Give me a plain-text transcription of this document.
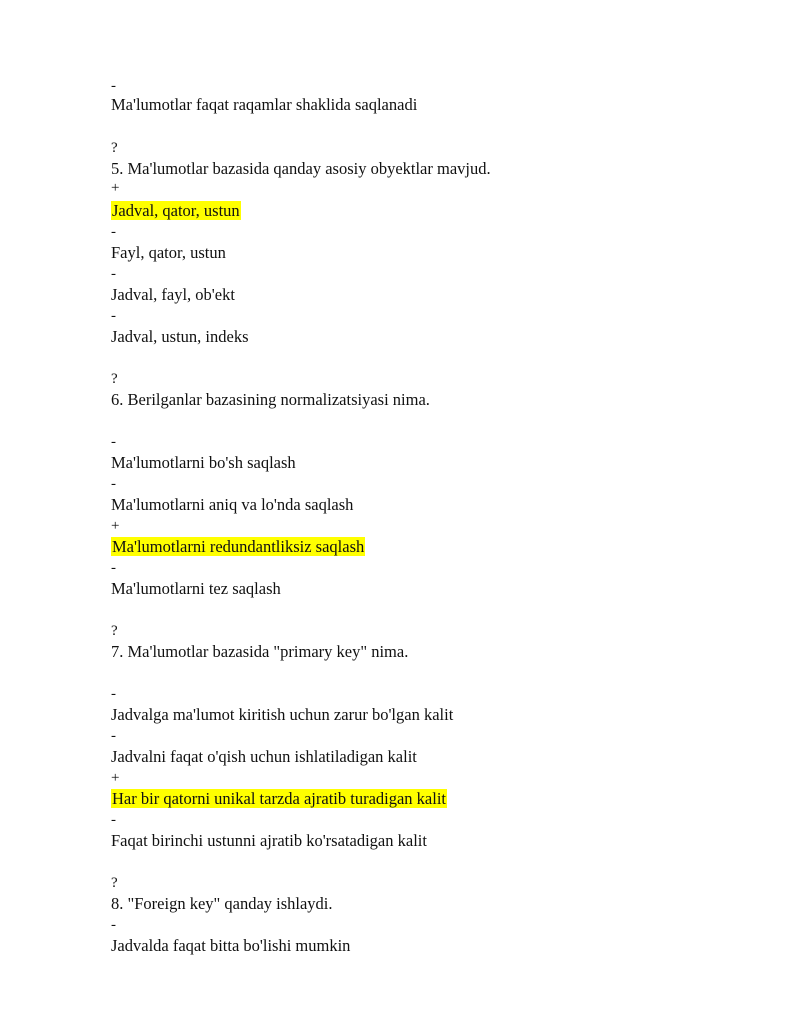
-
Ma'lumotlar faqat raqamlar shaklida saqlanadi
?
5. Ma'lumotlar bazasida qanday asosiy obyektlar mavjud.
+
Jadval, qator, ustun
-
Fayl, qator, ustun
-
Jadval, fayl, ob'ekt
-
Jadval, ustun, indeks
?
6. Berilganlar bazasining normalizatsiyasi nima.
-
Ma'lumotlarni bo'sh saqlash
-
Ma'lumotlarni aniq va lo'nda saqlash
+
Ma'lumotlarni redundantliksiz saqlash
-
Ma'lumotlarni tez saqlash
?
7. Ma'lumotlar bazasida "primary key" nima.
-
Jadvalga ma'lumot kiritish uchun zarur bo'lgan kalit
-
Jadvalni faqat o'qish uchun ishlatiladigan kalit
+
Har bir qatorni unikal tarzda ajratib turadigan kalit
-
Faqat birinchi ustunni ajratib ko'rsatadigan kalit
?
8. "Foreign key" qanday ishlaydi.
-
Jadvalda faqat bitta bo'lishi mumkin
